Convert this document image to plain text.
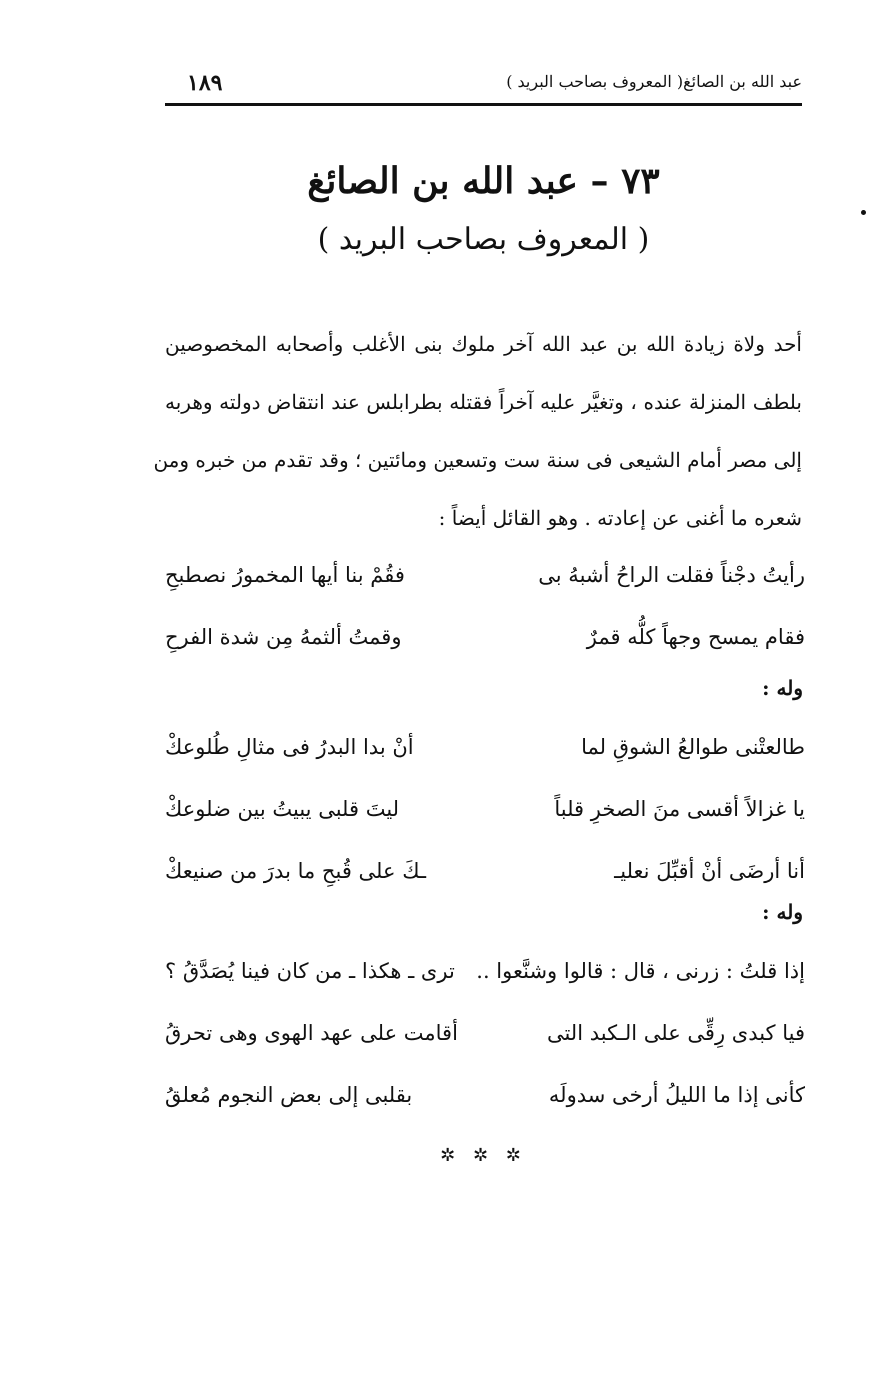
١٨٩	عبد الله بن الصائغ( المعروف بصاحب البريد )
٧٣ – عبد الله بن الصائغ
( المعروف بصاحب البريد )
أحد ولاة زيادة الله بن عبد الله آخر ملوك بنى الأغلب وأصحابه المخصوصين
بلطف المنزلة عنده ، وتغيَّر عليه آخراً فقتله بطرابلس عند انتقاض دولته وهربه
إلى مصر أمام الشيعى فى سنة ست وتسعين ومائتين ؛ وقد تقدم من خبره ومن
شعره ما أغنى عن إعادته . وهو القائل أيضاً :
رأيتُ دجْناً فقلت الراحُ أشبهُ بى
فقُمْ بنا أيها المخمورُ نصطبحِ
فقام يمسح وجهاً كلُّه قمرٌ
وقمتُ ألثمهُ مِن شدة الفرحِ
وله :
طالعتْنى طوالعُ الشوقِ لما
أنْ بدا البدرُ فى مثالِ طُلوعكْ
يا غزالاً أقسى منَ الصخرِ قلباً
ليتَ قلبى يبيتُ بين ضلوعكْ
أنا أرضَى أنْ أقبِّلَ نعليـ
ـكَ على قُبحِ ما بدرَ من صنيعكْ
وله :
إذا قلتُ : زرنى ، قال : قالوا وشنَّعوا ..
ترى ـ هكذا ـ من كان فينا يُصَدَّقُ ؟
فيا كبدى رِقِّى على الـكبد التى
أقامت على عهد الهوى وهى تحرقُ
كأنى إذا ما الليلُ أرخى سدولَه
بقلبى إلى بعض النجوم مُعلقُ
✲ ✲ ✲
